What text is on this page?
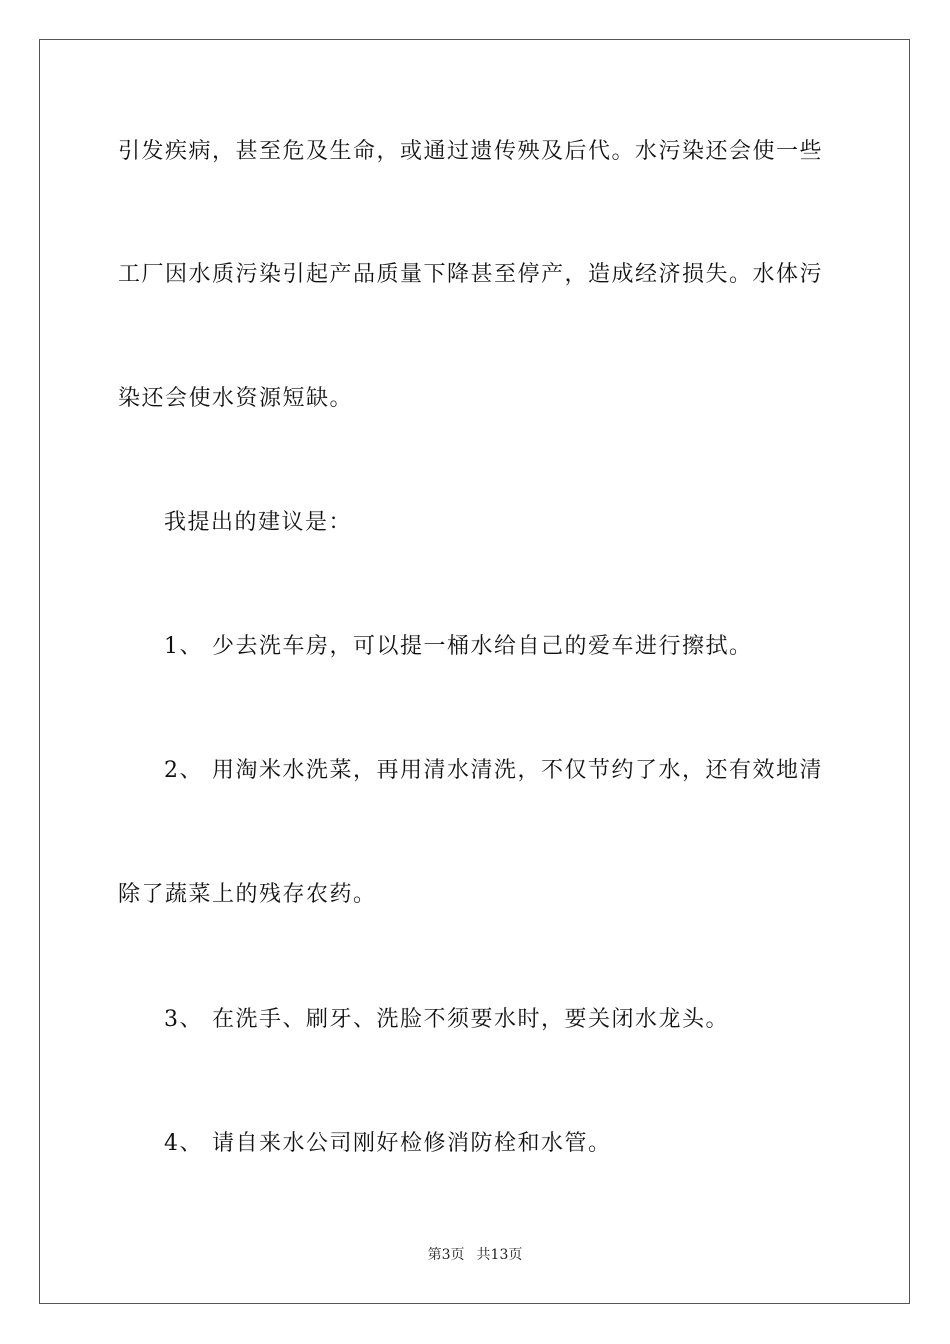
引发疾病，甚至危及生命，或通过遗传殃及后代。水污染还会使一些
工厂因水质污染引起产品质量下降甚至停产，造成经济损失。水体污
染还会使水资源短缺。
我提出的建议是：
1、 少去洗车房，可以提一桶水给自己的爱车进行擦拭。
2、 用淘米水洗菜，再用清水清洗，不仅节约了水，还有效地清
除了蔬菜上的残存农药。
3、 在洗手、刷牙、洗脸不须要水时，要关闭水龙头。
4、 请自来水公司刚好检修消防栓和水管。
第3页 共13页
